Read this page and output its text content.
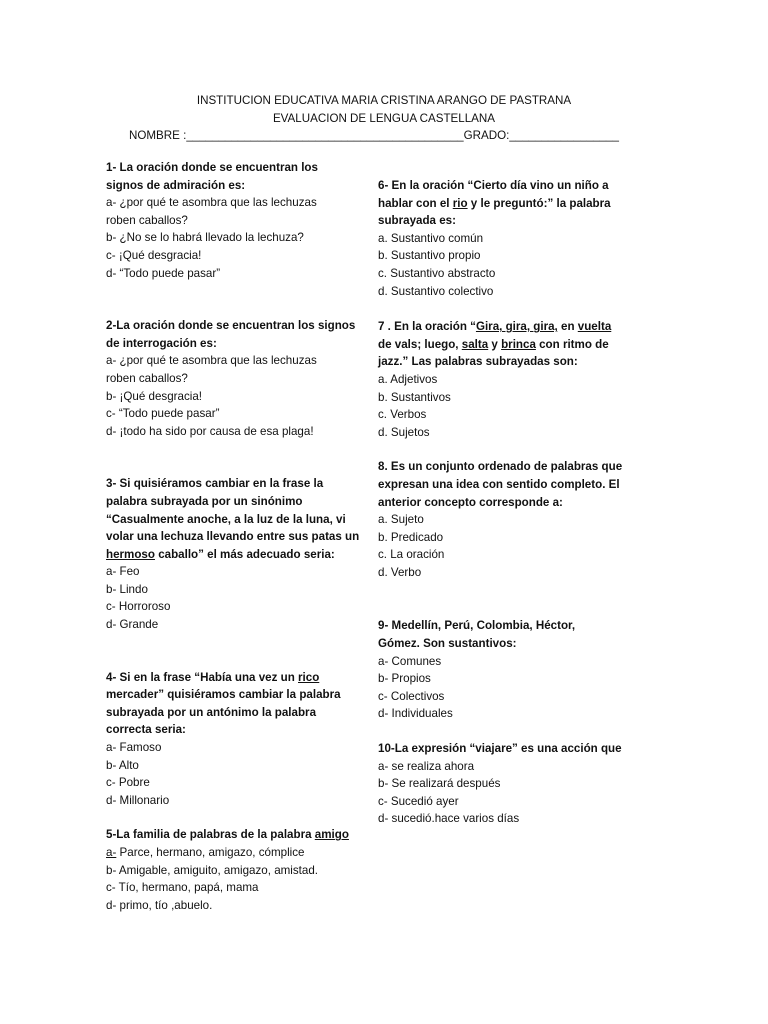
INSTITUCION EDUCATIVA MARIA CRISTINA ARANGO DE PASTRANA
EVALUACION DE LENGUA CASTELLANA
NOMBRE :___________________________________________GRADO:_________________
1- La oración donde se encuentran los
signos de admiración es:
a- ¿por qué te asombra que las lechuzas
roben caballos?
b- ¿No se lo habrá llevado la lechuza?
c- ¡Qué desgracia!
d- “Todo puede pasar”
2-La oración donde se encuentran los signos
de interrogación es:
a- ¿por qué te asombra que las lechuzas
roben caballos?
b- ¡Qué desgracia!
c- “Todo puede pasar”
d- ¡todo ha sido por causa de esa plaga!
3- Si quisiéramos cambiar en la frase la
palabra subrayada por un sinónimo
“Casualmente anoche, a la luz de la luna, vi
volar una lechuza llevando entre sus patas un
hermoso caballo” el más adecuado seria:
a- Feo
b- Lindo
c- Horroroso
d- Grande
4- Si en la frase “Había una vez un rico
mercader” quisiéramos cambiar la palabra
subrayada por un antónimo la palabra
correcta seria:
a- Famoso
b- Alto
c- Pobre
d- Millonario
5-La familia de palabras de la palabra amigo
a- Parce, hermano, amigazo, cómplice
b- Amigable, amiguito, amigazo, amistad.
c- Tío, hermano, papá, mama
d- primo, tío ,abuelo.
6- En la oración “Cierto día vino un niño a
hablar con el rio y le preguntó:” la palabra
subrayada es:
a. Sustantivo común
b. Sustantivo propio
c. Sustantivo abstracto
d. Sustantivo colectivo
7 . En la oración “Gira, gira, gira, en vuelta
de vals; luego, salta y brinca con ritmo de
jazz.” Las palabras subrayadas son:
a. Adjetivos
b. Sustantivos
c. Verbos
d. Sujetos
8. Es un conjunto ordenado de palabras que
expresan una idea con sentido completo. El
anterior concepto corresponde a:
a. Sujeto
b. Predicado
c. La oración
d. Verbo
9- Medellín, Perú, Colombia, Héctor,
Gómez. Son sustantivos:
a- Comunes
b- Propios
c- Colectivos
d- Individuales
10-La expresión “viajare” es una acción que
a- se realiza ahora
b- Se realizará después
c- Sucedió ayer
d- sucedió.hace varios días
